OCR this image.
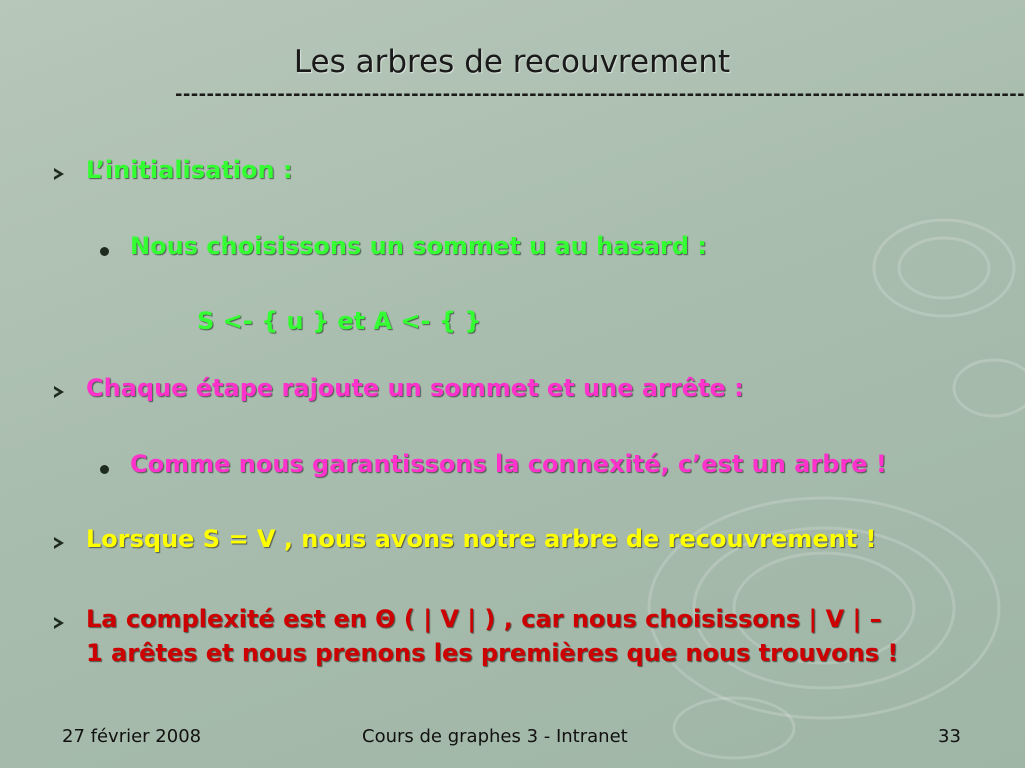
Les arbres de recouvrement
------------------------------------------------------------------------------------------------------------
L’initialisation :
Nous choisissons un sommet u au hasard :
S <- { u } et A <- { }
Chaque étape rajoute un sommet et une arrête :
Comme nous garantissons la connexité, c’est un arbre !
Lorsque S = V , nous avons notre arbre de recouvrement !
La complexité est en Θ ( | V | ) , car nous choisissons | V | –
1 arêtes et nous prenons les premières que nous trouvons !
27 février 2008	Cours de graphes 3 - Intranet	33
